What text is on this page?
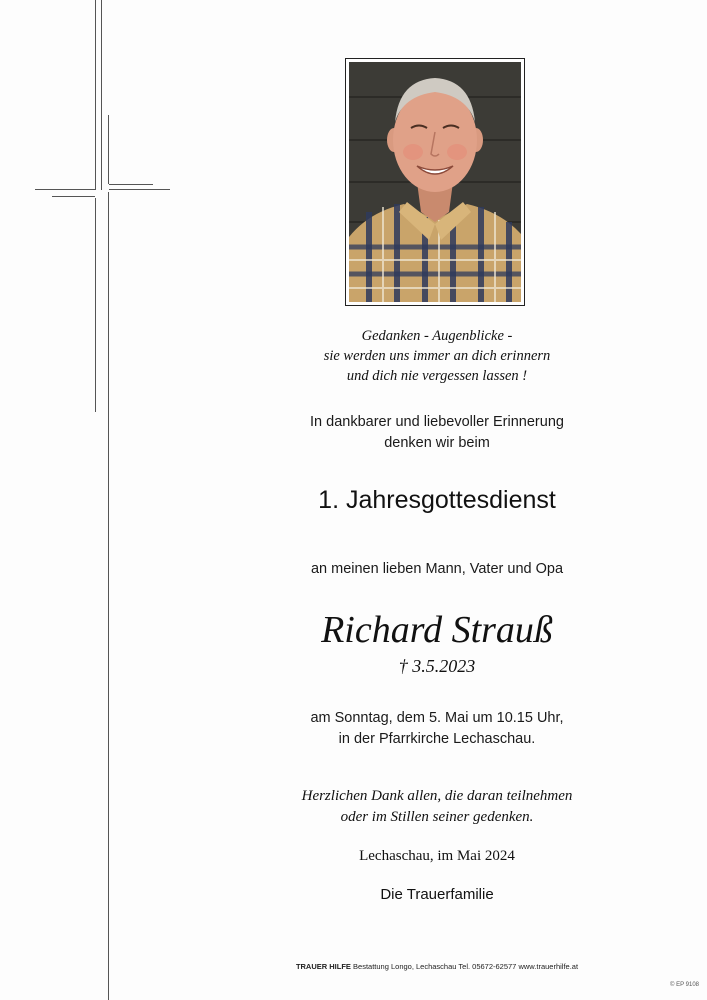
Gedanken - Augenblicke -
sie werden uns immer an dich erinnern
und dich nie vergessen lassen !
In dankbarer und liebevoller Erinnerung
denken wir beim
1. Jahresgottesdienst
an meinen lieben Mann, Vater und Opa
Richard Strauß
† 3.5.2023
am Sonntag, dem 5. Mai um 10.15 Uhr,
in der Pfarrkirche Lechaschau.
Herzlichen Dank allen, die daran teilnehmen
oder im Stillen seiner gedenken.
Lechaschau, im Mai 2024
Die Trauerfamilie
TRAUER HILFE Bestattung Longo, Lechaschau Tel. 05672-62577 www.trauerhilfe.at
© EP 9108
